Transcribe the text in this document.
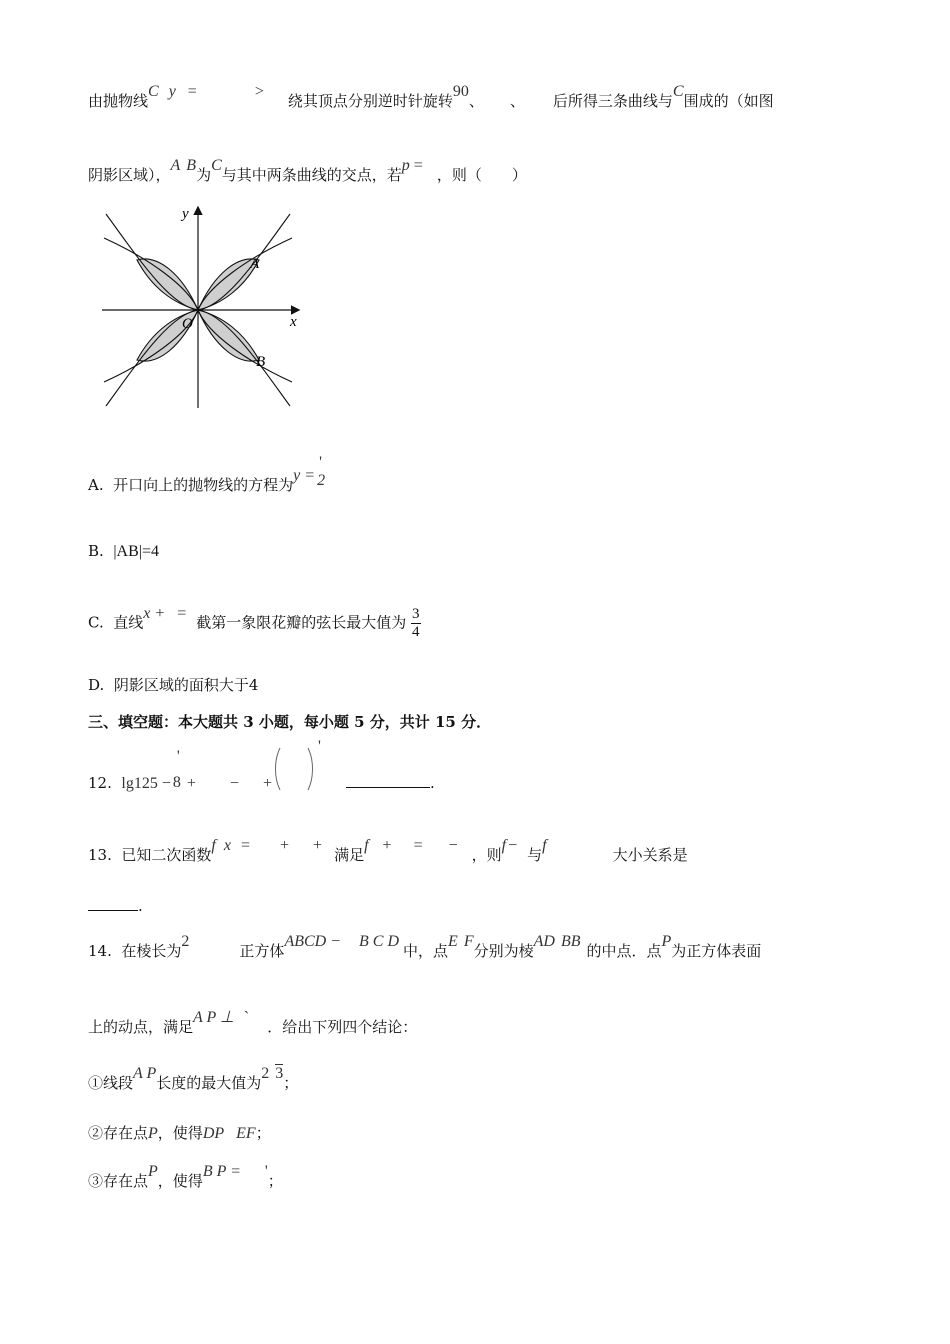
由抛物线C y =	>绕其顶点分别逆时针旋转90、 、 后所得三条曲线与C围成的（如图
阴影区域），A B为C与其中两条曲线的交点，若p =，则（　　）
y
x
O
A
B
A. 开口向上的抛物线的方程为y =
'
2
B. |AB|=4
C. 直线x + =截第一象限花瓣的弦长最大值为 $\frac{3}{4}$
D. 阴影区域的面积大于4
三、填空题：本大题共 3 小题，每小题 5 分，共计 15 分．
12. lg125 −
'
8 + − +
'
.
13. 已知二次函数f x = + +满足f + = −，则f −与f大小关系是
.
14. 在棱长为2正方体ABCD − B C D中，点E F分别为棱AD BB的中点．点P为正方体表面
上的动点，满足A P ⊥ `．给出下列四个结论：
①线段A P长度的最大值为2 3；
②存在点P，使得DP EF；
③存在点P，使得B P = '；
